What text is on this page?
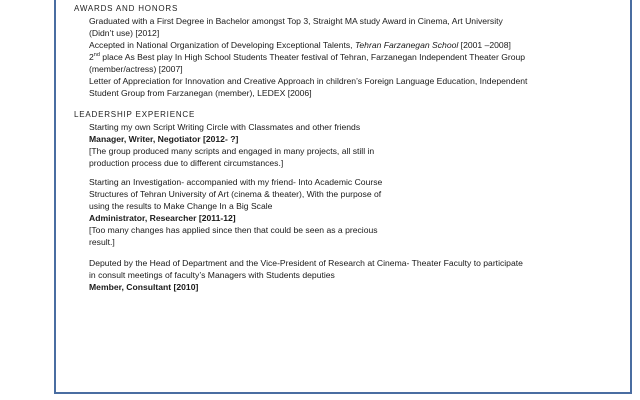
AWARDS AND HONORS
Graduated with a First Degree in Bachelor amongst Top 3, Straight MA study Award in Cinema, Art University
(Didn’t use) [2012]
Accepted in National Organization of Developing Exceptional Talents, Tehran Farzanegan School [2001 –2008]
2nd place As Best play In High School Students Theater festival of Tehran, Farzanegan Independent Theater Group
(member/actress) [2007]
Letter of Appreciation for Innovation and Creative Approach in children’s Foreign Language Education, Independent
Student Group from Farzanegan (member), LEDEX [2006]
LEADERSHIP EXPERIENCE
Starting my own Script Writing Circle with Classmates and other friends
Manager, Writer, Negotiator [2012- ?]
[The group produced many scripts and engaged in many projects, all still in
production process due to different circumstances.]
Starting an Investigation- accompanied with my friend- Into Academic Course
Structures of Tehran University of Art (cinema & theater), With the purpose of
using the results to Make Change In a Big Scale
Administrator, Researcher [2011-12]
[Too many changes has applied since then that could be seen as a precious
result.]
Deputed by the Head of Department and the Vice-President of Research at Cinema- Theater Faculty to participate
in consult meetings of faculty’s Managers with Students deputies
Member, Consultant [2010]
